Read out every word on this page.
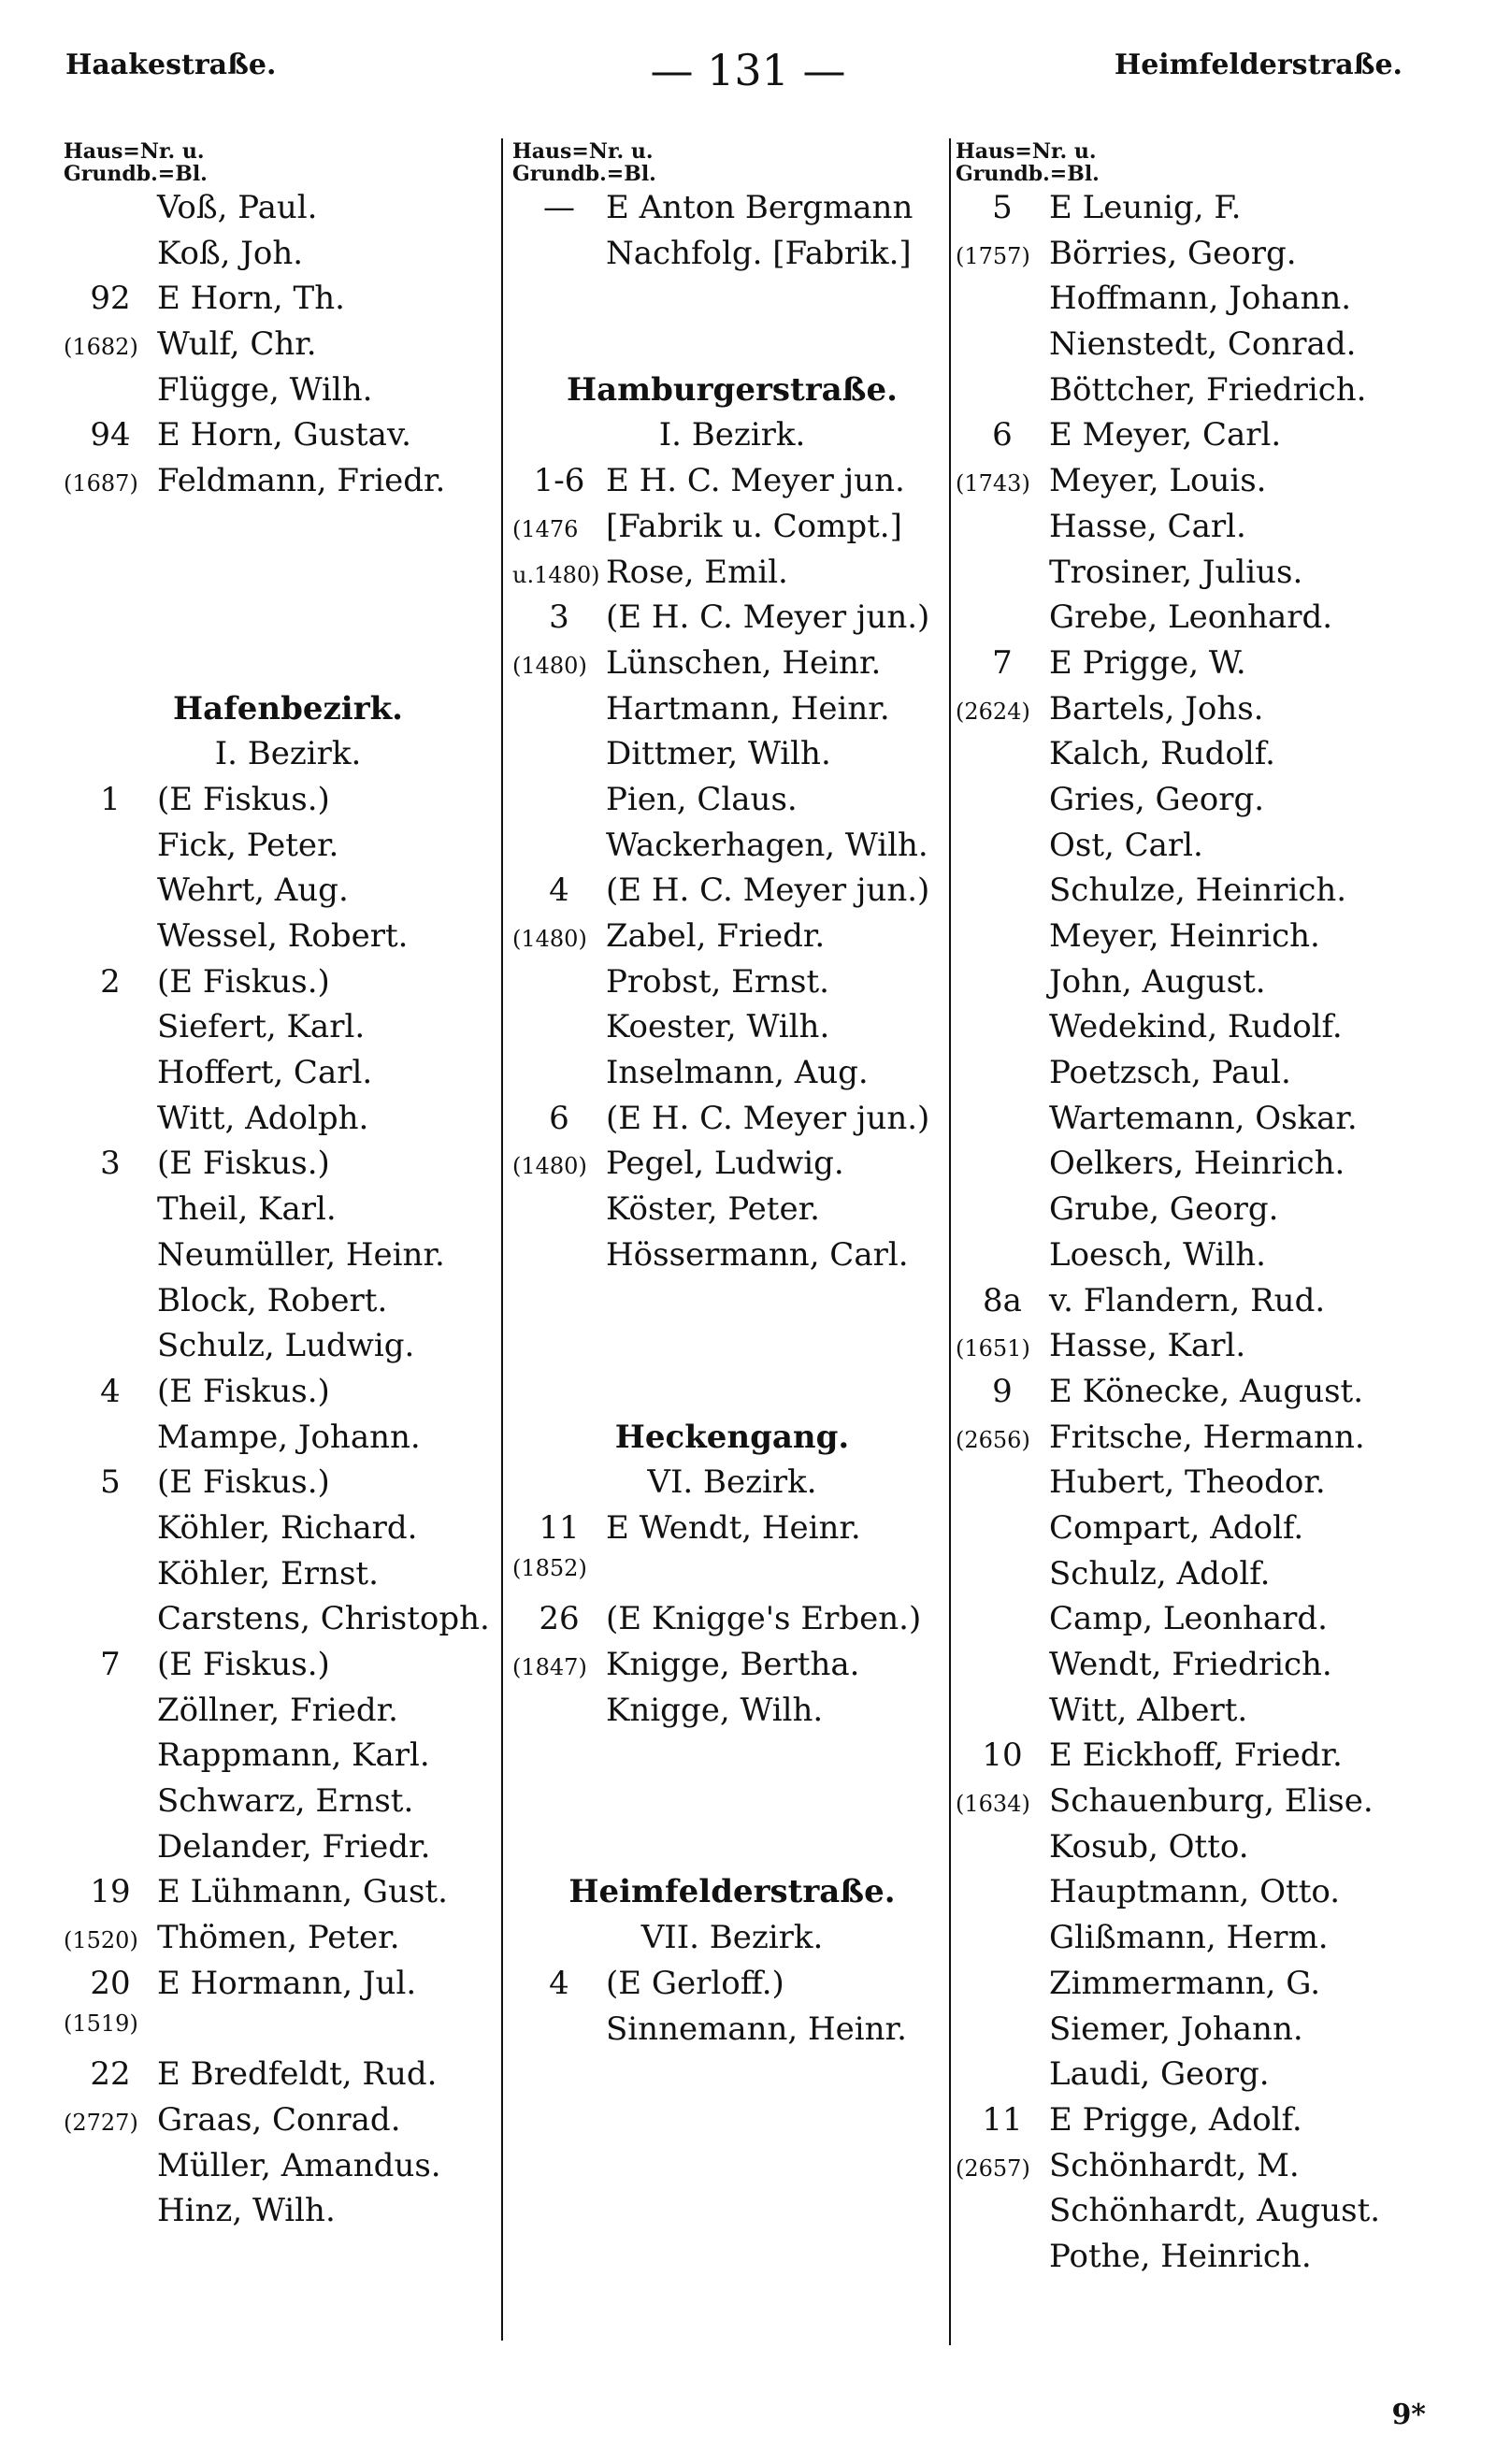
Haakestraße.	— 131 —	Heimfelderstraße.
Haus=Nr. u.
Grundb.=Bl.
Voß, Paul.
Koß, Joh.
92 E Horn, Th.
(1682) Wulf, Chr.
Flügge, Wilh.
94 E Horn, Gustav.
(1687) Feldmann, Friedr.
Hafenbezirk.
I. Bezirk.
1	(E Fiskus.)
Fick, Peter.
Wehrt, Aug.
Wessel, Robert.
2	(E Fiskus.)
Siefert, Karl.
Hoffert, Carl.
Witt, Adolph.
3	(E Fiskus.)
Theil, Karl.
Neumüller, Heinr.
Block, Robert.
Schulz, Ludwig.
4	(E Fiskus.)
Mampe, Johann.
5	(E Fiskus.)
Köhler, Richard.
Köhler, Ernst.
Carstens, Christoph.
7	(E Fiskus.)
Zöllner, Friedr.
Rappmann, Karl.
Schwarz, Ernst.
Delander, Friedr.
19 E Lühmann, Gust.
(1520) Thömen, Peter.
20 E Hormann, Jul.
(1519)
22 E Bredfeldt, Rud.
(2727) Graas, Conrad.
Müller, Amandus.
Hinz, Wilh.
Haus=Nr. u.
Grundb.=Bl.
— E Anton Bergmann
Nachfolg. [Fabrik.]
Hamburgerstraße.
I. Bezirk.
1-6 E H. C. Meyer jun.
(1476 [Fabrik u. Compt.]
u.1480) Rose, Emil.
3	(E H. C. Meyer jun.)
(1480) Lünschen, Heinr.
Hartmann, Heinr.
Dittmer, Wilh.
Pien, Claus.
Wackerhagen, Wilh.
4	(E H. C. Meyer jun.)
(1480) Zabel, Friedr.
Probst, Ernst.
Koester, Wilh.
Inselmann, Aug.
6	(E H. C. Meyer jun.)
(1480) Pegel, Ludwig.
Köster, Peter.
Hössermann, Carl.
Heckengang.
VI. Bezirk.
11 E Wendt, Heinr.
(1852)
26 (E Knigge's Erben.)
(1847) Knigge, Bertha.
Knigge, Wilh.
Heimfelderstraße.
VII. Bezirk.
4	(E Gerloff.)
Sinnemann, Heinr.
Haus=Nr. u.
Grundb.=Bl.
5	E Leunig, F.
(1757) Börries, Georg.
Hoffmann, Johann.
Nienstedt, Conrad.
Böttcher, Friedrich.
6	E Meyer, Carl.
(1743) Meyer, Louis.
Hasse, Carl.
Trosiner, Julius.
Grebe, Leonhard.
7	E Prigge, W.
(2624) Bartels, Johs.
Kalch, Rudolf.
Gries, Georg.
Ost, Carl.
Schulze, Heinrich.
Meyer, Heinrich.
John, August.
Wedekind, Rudolf.
Poetzsch, Paul.
Wartemann, Oskar.
Oelkers, Heinrich.
Grube, Georg.
Loesch, Wilh.
8a v. Flandern, Rud.
(1651) Hasse, Karl.
9	E Könecke, August.
(2656) Fritsche, Hermann.
Hubert, Theodor.
Compart, Adolf.
Schulz, Adolf.
Camp, Leonhard.
Wendt, Friedrich.
Witt, Albert.
10 E Eickhoff, Friedr.
(1634) Schauenburg, Elise.
Kosub, Otto.
Hauptmann, Otto.
Glißmann, Herm.
Zimmermann, G.
Siemer, Johann.
Laudi, Georg.
11 E Prigge, Adolf.
(2657) Schönhardt, M.
Schönhardt, August.
Pothe, Heinrich.
9*
